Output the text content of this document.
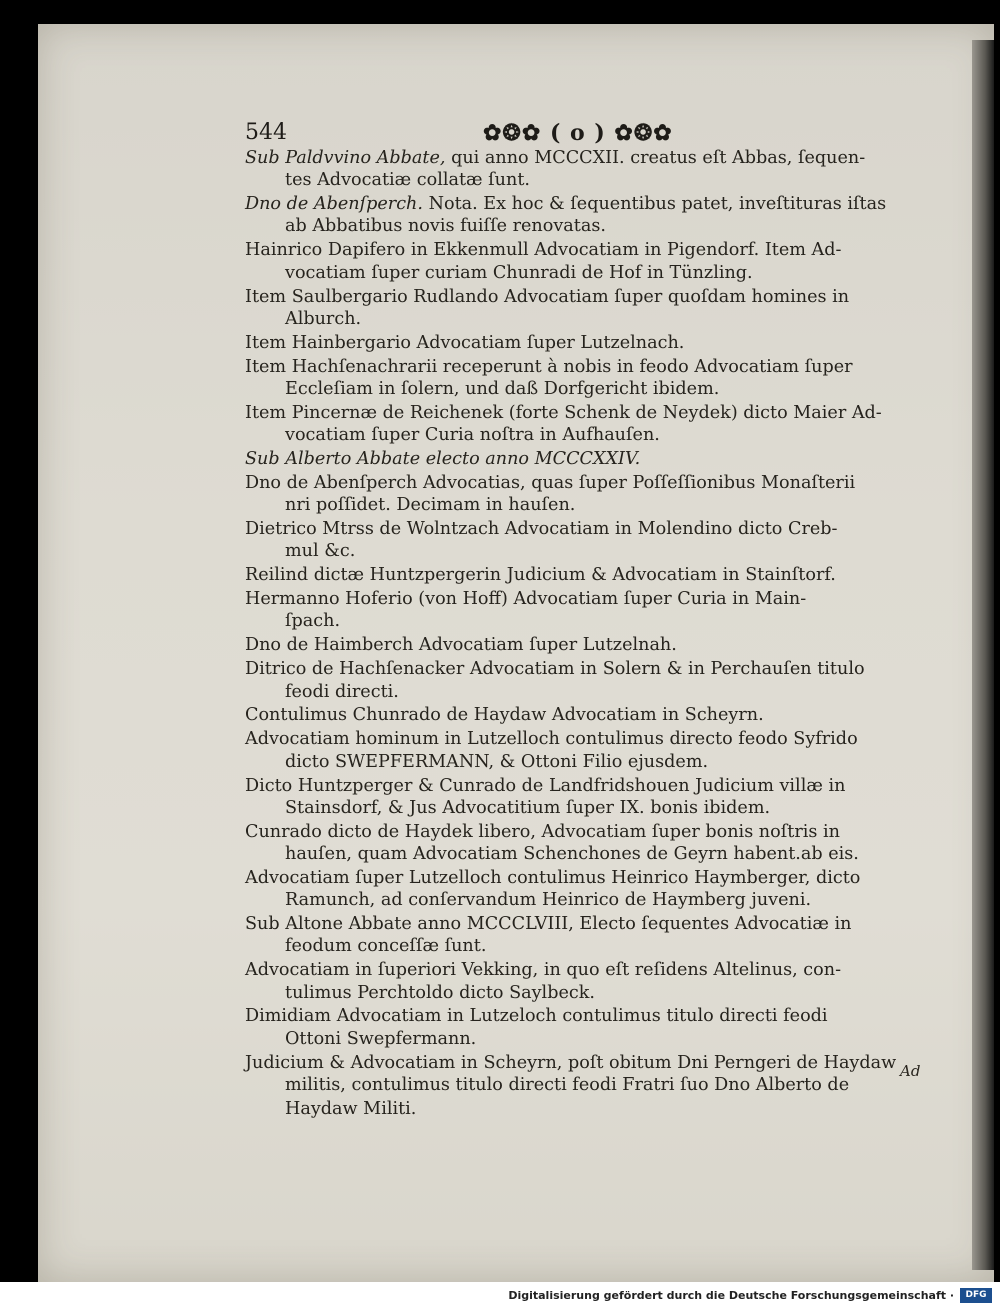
544	✿❂✿ ( o ) ✿❂✿
Sub Paldvvino Abbate, qui anno MCCCXII. creatus eſt Abbas, ſequen-
tes Advocatiæ collatæ ſunt.
Dno de Abenſperch. Nota. Ex hoc & ſequentibus patet, inveſtituras iſtas
ab Abbatibus novis fuiſſe renovatas.
Hainrico Dapifero in Ekkenmull Advocatiam in Pigendorf. Item Ad-
vocatiam ſuper curiam Chunradi de Hof in Tünzling.
Item Saulbergario Rudlando Advocatiam ſuper quoſdam homines in
Alburch.
Item Hainbergario Advocatiam ſuper Lutzelnach.
Item Hachſenachrarii receperunt à nobis in feodo Advocatiam ſuper
Eccleſiam in ſolern, und daß Dorfgericht ibidem.
Item Pincernæ de Reichenek (forte Schenk de Neydek) dicto Maier Ad-
vocatiam ſuper Curia noſtra in Aufhauſen.
Sub Alberto Abbate electo anno MCCCXXIV.
Dno de Abenſperch Advocatias, quas ſuper Poſſeſſionibus Monaſterii
nri poſſidet. Decimam in hauſen.
Dietrico Mtrss de Wolntzach Advocatiam in Molendino dicto Creb-
mul &c.
Reilind dictæ Huntzpergerin Judicium & Advocatiam in Stainſtorf.
Hermanno Hoferio (von Hoff) Advocatiam ſuper Curia in Main-
ſpach.
Dno de Haimberch Advocatiam ſuper Lutzelnah.
Ditrico de Hachſenacker Advocatiam in Solern & in Perchauſen titulo
feodi directi.
Contulimus Chunrado de Haydaw Advocatiam in Scheyrn.
Advocatiam hominum in Lutzelloch contulimus directo feodo Syfrido
dicto SWEPFERMANN, & Ottoni Filio ejusdem.
Dicto Huntzperger & Cunrado de Landfridshouen Judicium villæ in
Stainsdorf, & Jus Advocatitium ſuper IX. bonis ibidem.
Cunrado dicto de Haydek libero, Advocatiam ſuper bonis noſtris in
hauſen, quam Advocatiam Schenchones de Geyrn habent.ab eis.
Advocatiam ſuper Lutzelloch contulimus Heinrico Haymberger, dicto
Ramunch, ad conſervandum Heinrico de Haymberg juveni.
Sub Altone Abbate anno MCCCLVIII, Electo ſequentes Advocatiæ in
feodum conceſſæ ſunt.
Advocatiam in ſuperiori Vekking, in quo eſt reſidens Altelinus, con-
tulimus Perchtoldo dicto Saylbeck.
Dimidiam Advocatiam in Lutzeloch contulimus titulo directi feodi
Ottoni Swepfermann.
Judicium & Advocatiam in Scheyrn, poſt obitum Dni Perngeri de Haydaw
militis, contulimus titulo directi feodi Fratri ſuo Dno Alberto de
Haydaw Militi.
Ad
Digitalisierung gefördert durch die Deutsche Forschungsgemeinschaft ·	DFG
